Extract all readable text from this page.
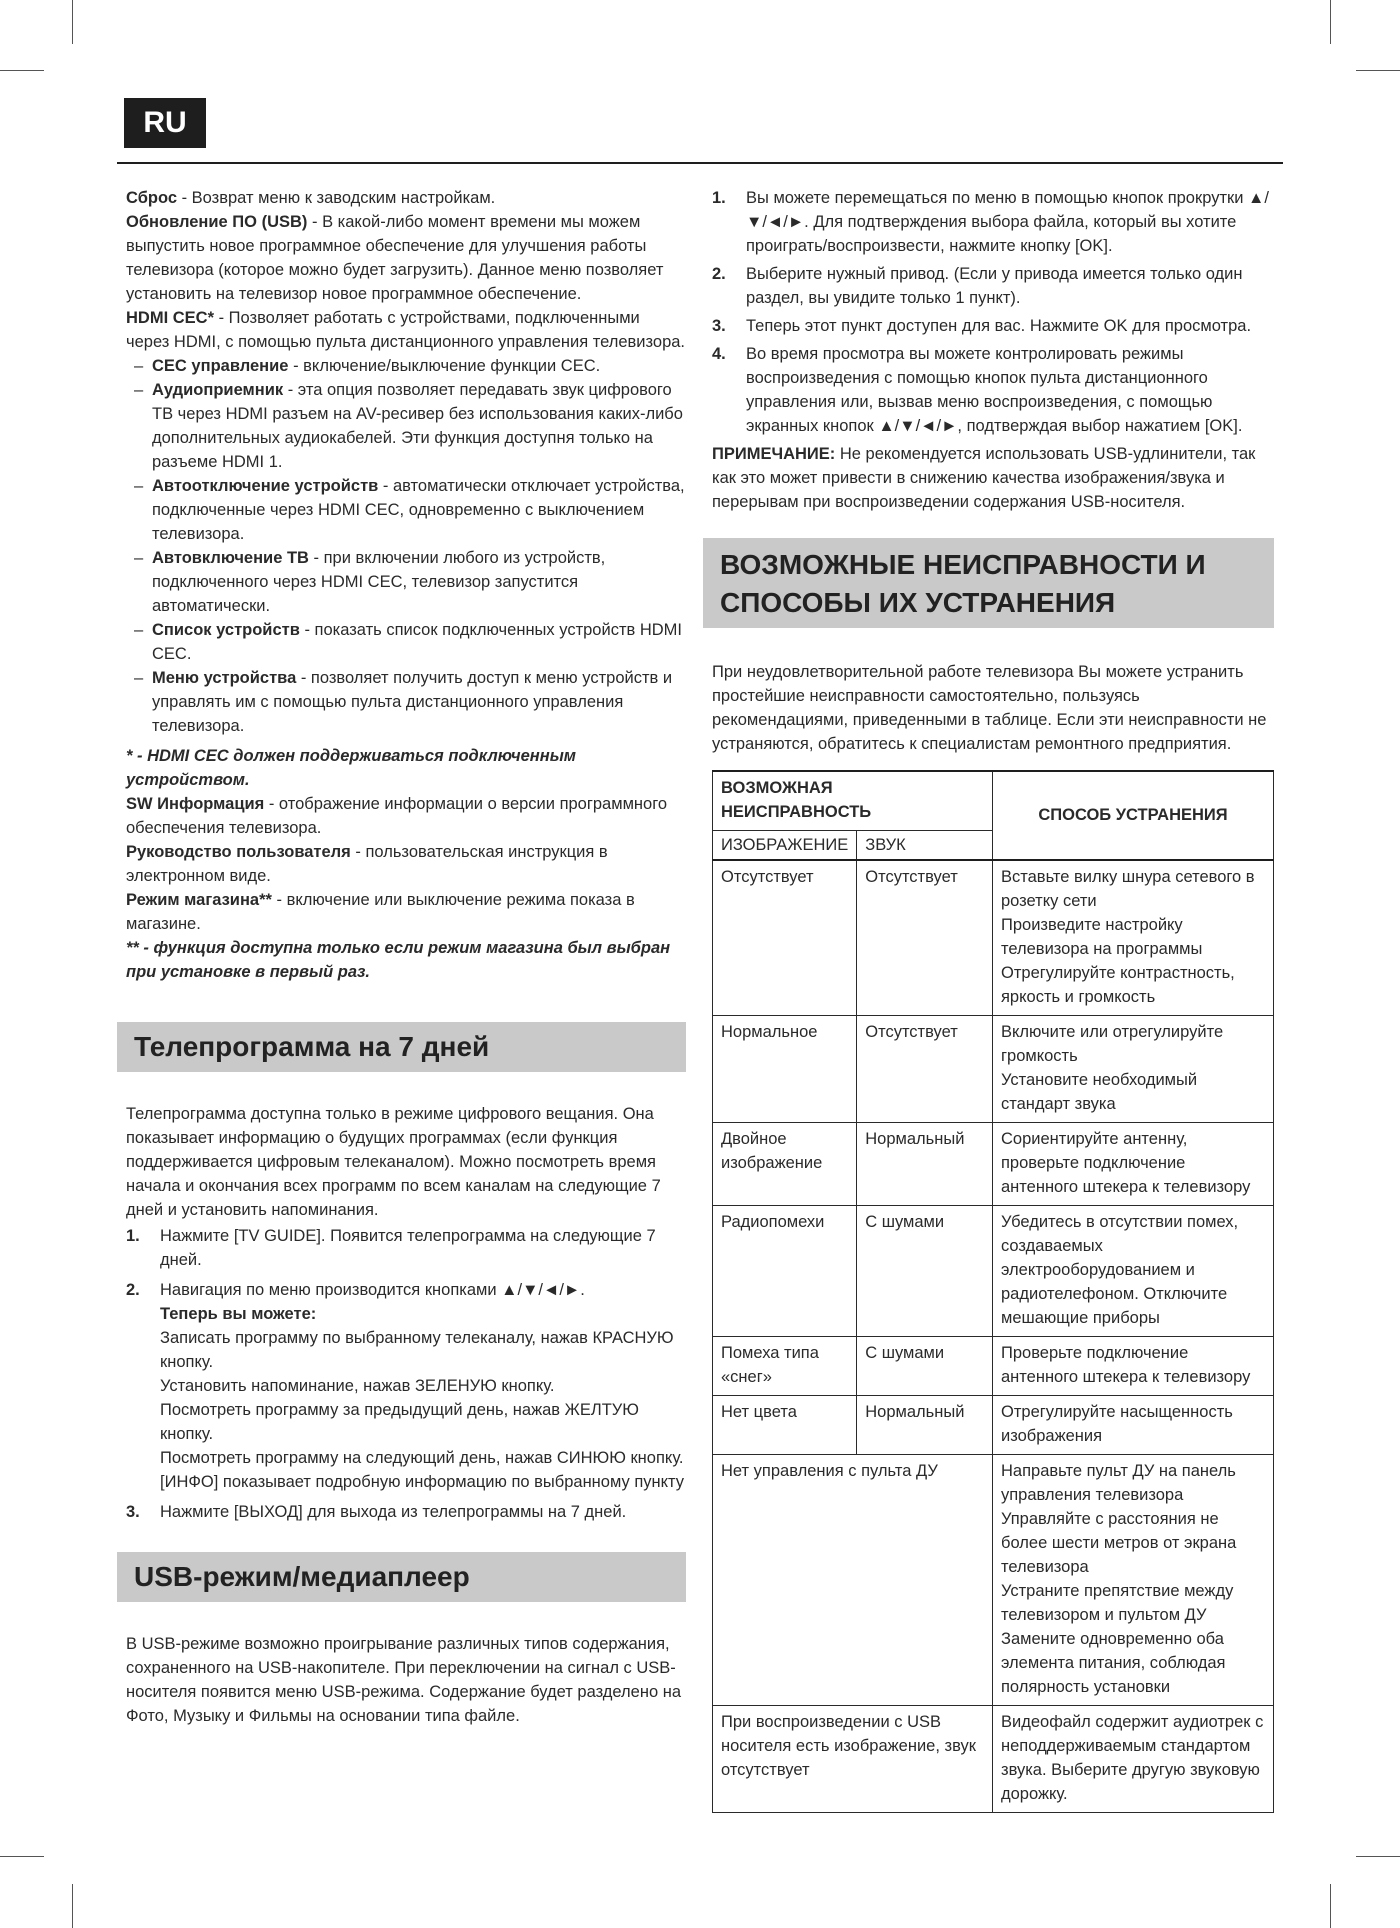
RU

Сброс - Возврат меню к заводским настройкам.

Обновление ПО (USB) - В какой-либо момент времени мы можем выпустить новое программное обеспечение для улучшения работы телевизора (которое можно будет загрузить). Данное меню позволяет установить на телевизор новое программное обеспечение.

HDMI CEC* - Позволяет работать с устройствами, подключенными через HDMI, с помощью пульта дистанционного управления телевизора.

– CEC управление - включение/выключение функции CEC.
– Аудиоприемник - эта опция позволяет передавать звук цифрового ТВ через HDMI разъем на AV-ресивер без использования каких-либо дополнительных аудиокабелей. Эти функция доступня только на разъеме HDMI 1.
– Автоотключение устройств - автоматически отключает устройства, подключенные через HDMI CEC, одновременно с выключением телевизора.
– Автовключение ТВ - при включении любого из устройств, подключенного через HDMI CEC, телевизор запустится автоматически.
– Список устройств - показать список подключенных устройств HDMI CEC.
– Меню устройства - позволяет получить доступ к меню устройств и управлять им с помощью пульта дистанционного управления телевизора.

* - HDMI CEC должен поддерживаться подключенным устройством.

SW Информация - отображение информации о версии программного обеспечения телевизора.

Руководство пользователя - пользовательская инструкция в электронном виде.

Режим магазина** - включение или выключение режима показа в магазине.

** - функция доступна только если режим магазина был выбран при установке в первый раз.

Телепрограмма на 7 дней

Телепрограмма доступна только в режиме цифрового вещания. Она показывает информацию о будущих программах (если функция поддерживается цифровым телеканалом). Можно посмотреть время начала и окончания всех программ по всем каналам на следующие 7 дней и установить напоминания.

1. Нажмите [TV GUIDE]. Появится телепрограмма на следующие 7 дней.
2. Навигация по меню производится кнопками ▲/▼/◄/►.
Теперь вы можете:
Записать программу по выбранному телеканалу, нажав КРАСНУЮ кнопку.
Установить напоминание, нажав ЗЕЛЕНУЮ кнопку.
Посмотреть программу за предыдущий день, нажав ЖЕЛТУЮ кнопку.
Посмотреть программу на следующий день, нажав СИНЮЮ кнопку. [ИНФО] показывает подробную информацию по выбранному пункту
3. Нажмите [ВЫХОД] для выхода из телепрограммы на 7 дней.
USB-режим/медиаплеер

В USB-режиме возможно проигрывание различных типов содержания, сохраненного на USB-накопителе. При переключении на сигнал с USB-носителя появится меню USB-режима. Содержание будет разделено на Фото, Музыку и Фильмы на основании типа файле.

1. Вы можете перемещаться по меню в помощью кнопок прокрутки ▲/▼/◄/►. Для подтверждения выбора файла, который вы хотите проиграть/воспроизвести, нажмите кнопку [OK].
2. Выберите нужный привод. (Если у привода имеется только один раздел, вы увидите только 1 пункт).
3. Теперь этот пункт доступен для вас. Нажмите OK для просмотра.
4. Во время просмотра вы можете контролировать режимы воспроизведения с помощью кнопок пульта дистанционного управления или, вызвав меню воспроизведения, с помощью экранных кнопок ▲/▼/◄/►, подтверждая выбор нажатием [OK].

ПРИМЕЧАНИЕ: Не рекомендуется использовать USB-удлинители, так как это может привести в снижению качества изображения/звука и перерывам при воспроизведении содержания USB-носителя.

ВОЗМОЖНЫЕ НЕИСПРАВНОСТИ И СПОСОБЫ ИХ УСТРАНЕНИЯ

При неудовлетворительной работе телевизора Вы можете устранить простейшие неисправности самостоятельно, пользуясь рекомендациями, приведенными в таблице. Если эти неисправности не устраняются, обратитесь к специалистам ремонтного предприятия.

ВОЗМОЖНАЯ НЕИСПРАВНОСТЬ		СПОСОБ УСТРАНЕНИЯ
ИЗОБРАЖЕНИЕ	ЗВУК	
Отсутствует	Отсутствует	Вставьте вилку шнура сетевого в розетку сети
Произведите настройку телевизора на программы
Отрегулируйте контрастность, яркость и громкость

Нормальное	Отсутствует	Включите или отрегулируйте громкость
Установите необходимый стандарт звука

Двойное изображение	Нормальный	Сориентируйте антенну, проверьте подключение антенного штекера к телевизору

Радиопомехи	С шумами	Убедитесь в отсутствии помех, создаваемых электрооборудованием и радиотелефоном. Отключите мешающие приборы

Помеха типа «снег»	С шумами	Проверьте подключение антенного штекера к телевизору

Нет цвета	Нормальный	Отрегулируйте насыщенность изображения

Нет управления с пульта ДУ		Направьте пульт ДУ на панель управления телевизора
Управляйте с расстояния не более шести метров от экрана телевизора
Устраните препятствие между телевизором и пультом ДУ
Замените одновременно оба элемента питания, соблюдая полярность установки

При воспроизведении с USB носителя есть изображение, звук отсутствует		Видеофайл содержит аудиотрек с неподдерживаемым стандартом звука. Выберите другую звуковую дорожку.
